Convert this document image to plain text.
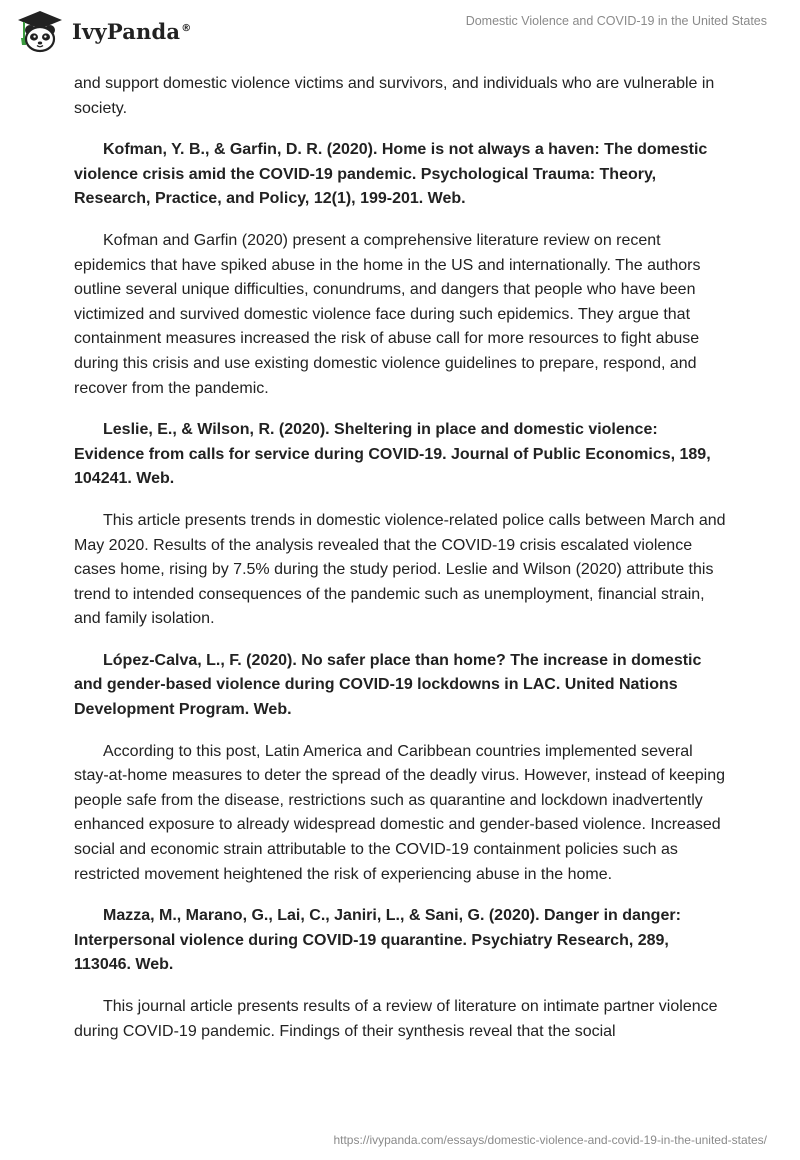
IvyPanda®	Domestic Violence and COVID-19 in the United States

and support domestic violence victims and survivors, and individuals who are vulnerable in society.

Kofman, Y. B., & Garfin, D. R. (2020). Home is not always a haven: The domestic violence crisis amid the COVID-19 pandemic. Psychological Trauma: Theory, Research, Practice, and Policy, 12(1), 199-201. Web.

Kofman and Garfin (2020) present a comprehensive literature review on recent epidemics that have spiked abuse in the home in the US and internationally. The authors outline several unique difficulties, conundrums, and dangers that people who have been victimized and survived domestic violence face during such epidemics. They argue that containment measures increased the risk of abuse call for more resources to fight abuse during this crisis and use existing domestic violence guidelines to prepare, respond, and recover from the pandemic.

Leslie, E., & Wilson, R. (2020). Sheltering in place and domestic violence: Evidence from calls for service during COVID-19. Journal of Public Economics, 189, 104241. Web.

This article presents trends in domestic violence-related police calls between March and May 2020. Results of the analysis revealed that the COVID-19 crisis escalated violence cases home, rising by 7.5% during the study period. Leslie and Wilson (2020) attribute this trend to intended consequences of the pandemic such as unemployment, financial strain, and family isolation.

López-Calva, L., F. (2020). No safer place than home? The increase in domestic and gender-based violence during COVID-19 lockdowns in LAC. United Nations Development Program. Web.

According to this post, Latin America and Caribbean countries implemented several stay-at-home measures to deter the spread of the deadly virus. However, instead of keeping people safe from the disease, restrictions such as quarantine and lockdown inadvertently enhanced exposure to already widespread domestic and gender-based violence. Increased social and economic strain attributable to the COVID-19 containment policies such as restricted movement heightened the risk of experiencing abuse in the home.

Mazza, M., Marano, G., Lai, C., Janiri, L., & Sani, G. (2020). Danger in danger: Interpersonal violence during COVID-19 quarantine. Psychiatry Research, 289, 113046. Web.

This journal article presents results of a review of literature on intimate partner violence during COVID-19 pandemic. Findings of their synthesis reveal that the social

https://ivypanda.com/essays/domestic-violence-and-covid-19-in-the-united-states/
